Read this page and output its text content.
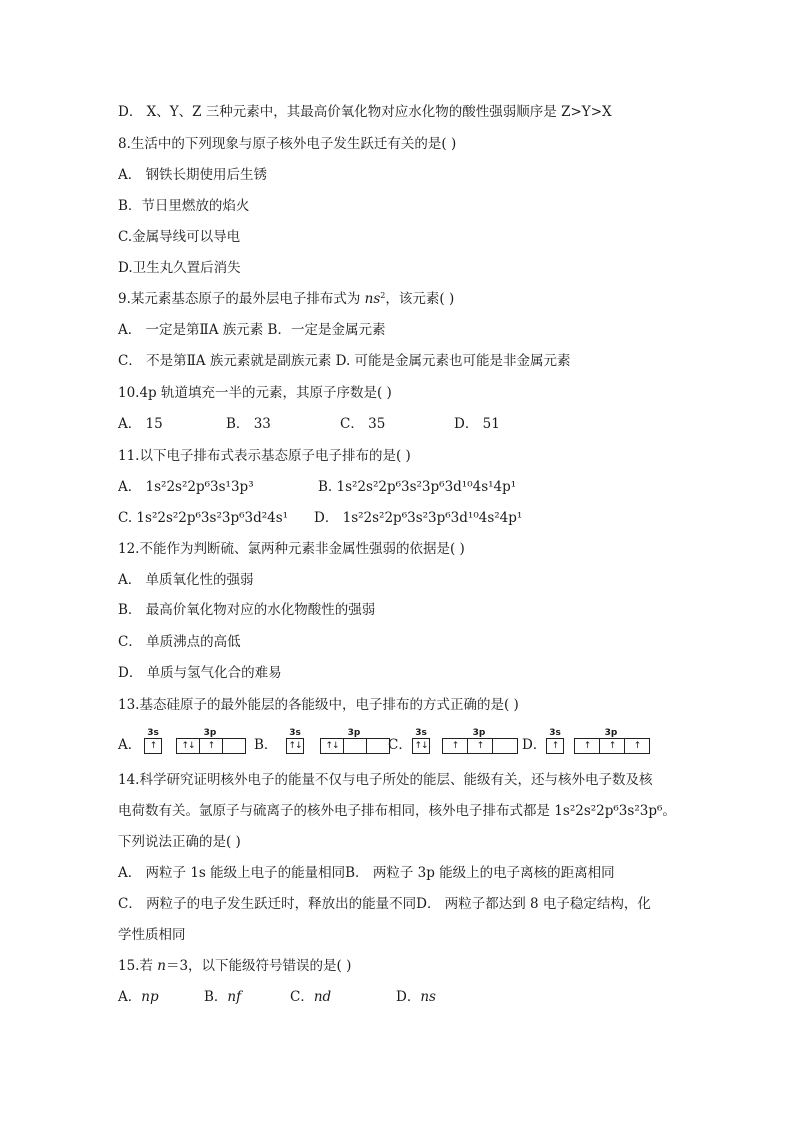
D． X、Y、Z 三种元素中，其最高价氧化物对应水化物的酸性强弱顺序是 Z>Y>X
8.生活中的下列现象与原子核外电子发生跃迁有关的是( )
A． 钢铁长期使用后生锈
B．节日里燃放的焰火
C.金属导线可以导电
D.卫生丸久置后消失
9.某元素基态原子的最外层电子排布式为 $ns^2$，该元素( )
A． 一定是第ⅡA 族元素 B．一定是金属元素
C． 不是第ⅡA 族元素就是副族元素 D. 可能是金属元素也可能是非金属元素
10.4p 轨道填充一半的元素，其原子序数是( )
A． 15	B． 33	C． 35	D． 51
11.以下电子排布式表示基态原子电子排布的是( )
A． 1s²2s²2p⁶3s¹3p³	B. 1s²2s²2p⁶3s²3p⁶3d¹⁰4s¹4p¹
C. 1s²2s²2p⁶3s²3p⁶3d²4s¹ D． 1s²2s²2p⁶3s²3p⁶3d¹⁰4s²4p¹
12.不能作为判断硫、氯两种元素非金属性强弱的依据是( )
B． 最高价氧化物对应的水化物酸性的强弱
A． 单质氧化性的强弱
C． 单质沸点的高低
D． 单质与氢气化合的难易
13.基态硅原子的最外能层的各能级中，电子排布的方式正确的是( )
A．
3s
↑
3p
↑↓	↑	B．
3s
↑↓
3p
↑↓	C．
3s
↑↓
3p
↑	↑	D．
3s
↑
3p
↑	↑	↑
14.科学研究证明核外电子的能量不仅与电子所处的能层、能级有关，还与核外电子数及核
电荷数有关。氩原子与硫离子的核外电子排布相同，核外电子排布式都是 1s²2s²2p⁶3s²3p⁶。
下列说法正确的是( )
A． 两粒子 1s 能级上电子的能量相同B． 两粒子 3p 能级上的电子离核的距离相同
C． 两粒子的电子发生跃迁时，释放出的能量不同D． 两粒子都达到 8 电子稳定结构，化
学性质相同
15.若 n＝3，以下能级符号错误的是( )
A．np	B．nf	C．nd	D．ns
